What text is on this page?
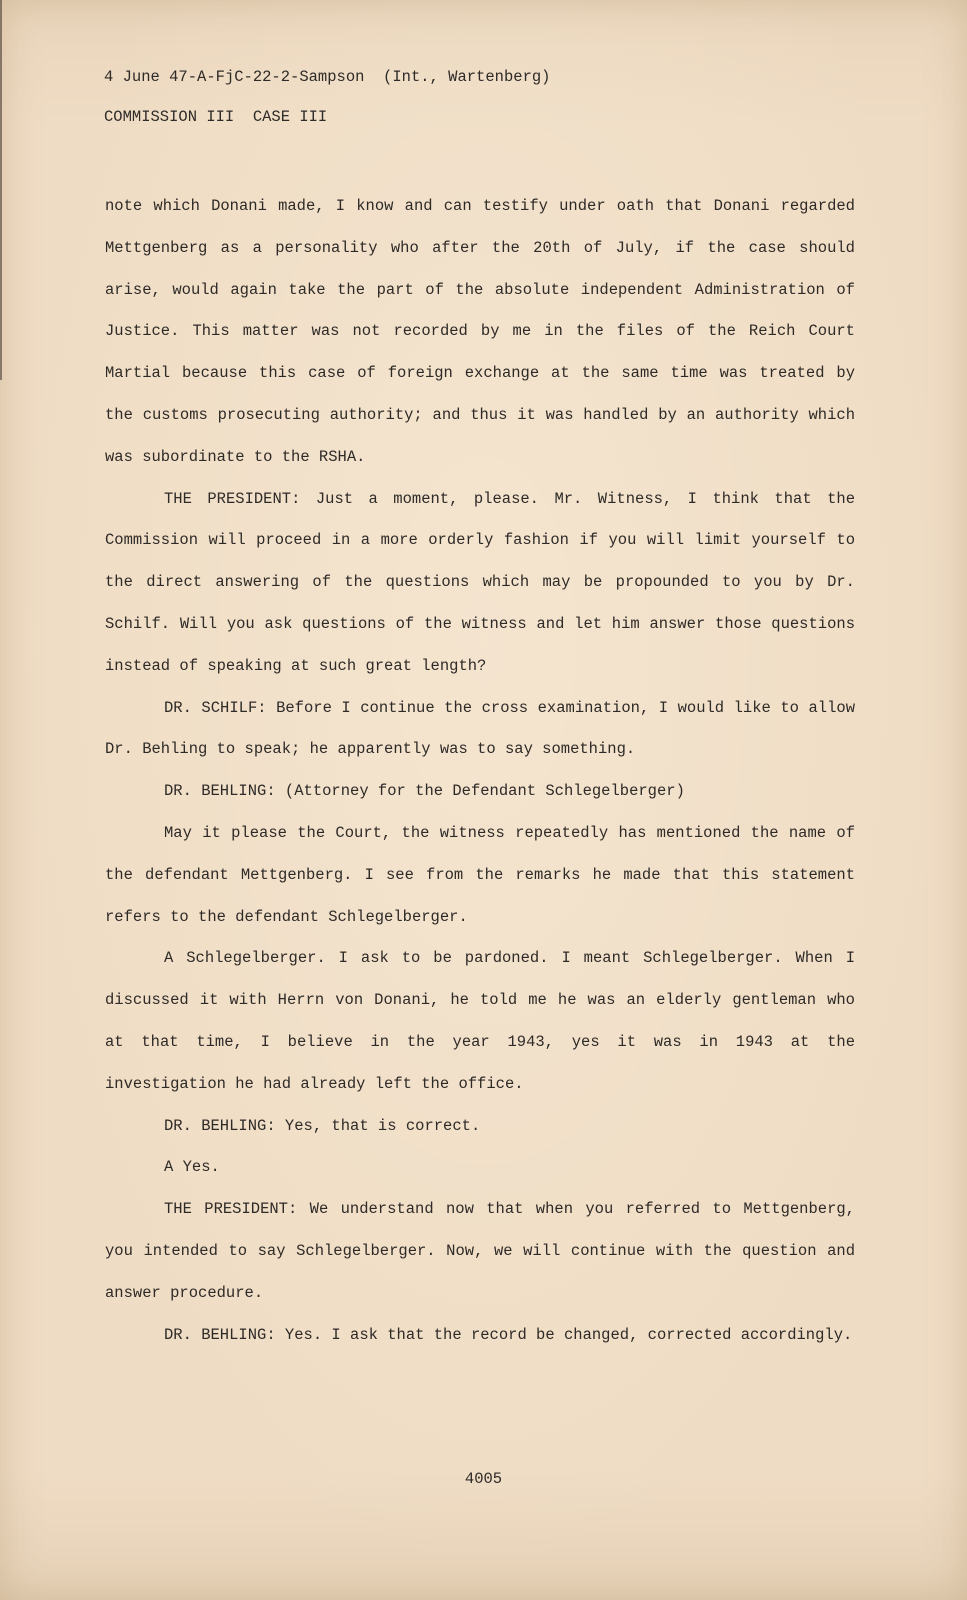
4 June 47-A-FjC-22-2-Sampson  (Int., Wartenberg)
COMMISSION III  CASE III

note which Donani made, I know and can testify under oath that Donani regarded Mettgenberg as a personality who after the 20th of July, if the case should arise, would again take the part of the absolute independent Administration of Justice. This matter was not recorded by me in the files of the Reich Court Martial because this case of foreign exchange at the same time was treated by the customs prosecuting authority; and thus it was handled by an authority which was subordinate to the RSHA.

THE PRESIDENT: Just a moment, please. Mr. Witness, I think that the Commission will proceed in a more orderly fashion if you will limit yourself to the direct answering of the questions which may be propounded to you by Dr. Schilf. Will you ask questions of the witness and let him answer those questions instead of speaking at such great length?

DR. SCHILF: Before I continue the cross examination, I would like to allow Dr. Behling to speak; he apparently was to say something.

DR. BEHLING: (Attorney for the Defendant Schlegelberger)

May it please the Court, the witness repeatedly has mentioned the name of the defendant Mettgenberg. I see from the remarks he made that this statement refers to the defendant Schlegelberger.

A Schlegelberger. I ask to be pardoned. I meant Schlegelberger. When I discussed it with Herrn von Donani, he told me he was an elderly gentleman who at that time, I believe in the year 1943, yes it was in 1943 at the investigation he had already left the office.

DR. BEHLING: Yes, that is correct.

A Yes.

THE PRESIDENT: We understand now that when you referred to Mettgenberg, you intended to say Schlegelberger. Now, we will continue with the question and answer procedure.

DR. BEHLING: Yes. I ask that the record be changed, corrected accordingly.

4005
